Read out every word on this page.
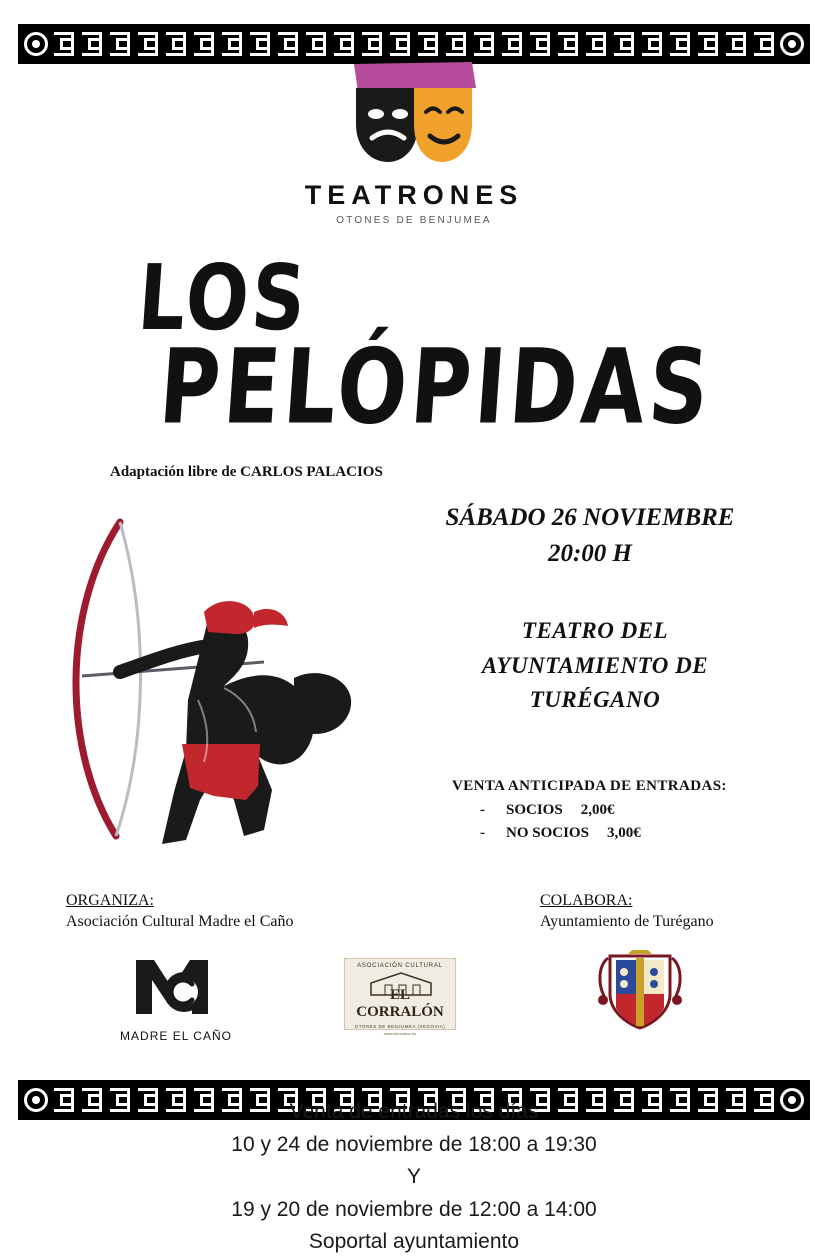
TEATRONES
OTONES DE BENJUMEA
LOS
PELÓPIDAS
Adaptación libre de CARLOS PALACIOS
SÁBADO 26 NOVIEMBRE
20:00 H
TEATRO DEL
AYUNTAMIENTO DE
TURÉGANO
VENTA ANTICIPADA DE ENTRADAS:
- SOCIOS 2,00€
- NO SOCIOS 3,00€
ORGANIZA:
Asociación Cultural Madre el Caño
COLABORA:
Ayuntamiento de Turégano
MADRE EL CAÑO
ASOCIACIÓN CULTURAL
EL CORRALÓN
OTONES DE BENJUMEA (SEGOVIA)
www.elcorralon.es
Venta de entradas los días
10 y 24 de noviembre de 18:00 a 19:30
Y
19 y 20 de noviembre de 12:00 a 14:00
Soportal ayuntamiento
